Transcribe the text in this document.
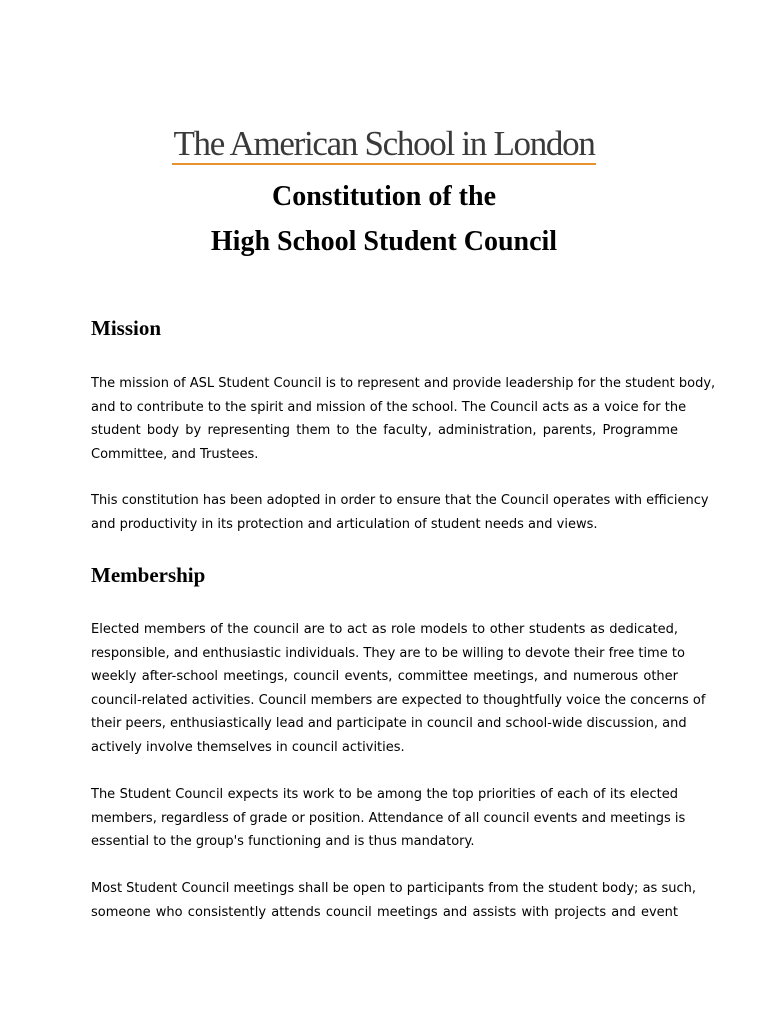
The American School in London
Constitution of the
High School Student Council
Mission
The mission of ASL Student Council is to represent and provide leadership for the student body,
and to contribute to the spirit and mission of the school. The Council acts as a voice for the
student body by representing them to the faculty, administration, parents, Programme
Committee, and Trustees.
This constitution has been adopted in order to ensure that the Council operates with efficiency
and productivity in its protection and articulation of student needs and views.
Membership
Elected members of the council are to act as role models to other students as dedicated,
responsible, and enthusiastic individuals. They are to be willing to devote their free time to
weekly after-school meetings, council events, committee meetings, and numerous other
council-related activities. Council members are expected to thoughtfully voice the concerns of
their peers, enthusiastically lead and participate in council and school-wide discussion, and
actively involve themselves in council activities.
The Student Council expects its work to be among the top priorities of each of its elected
members, regardless of grade or position. Attendance of all council events and meetings is
essential to the group's functioning and is thus mandatory.
Most Student Council meetings shall be open to participants from the student body; as such,
someone who consistently attends council meetings and assists with projects and event
